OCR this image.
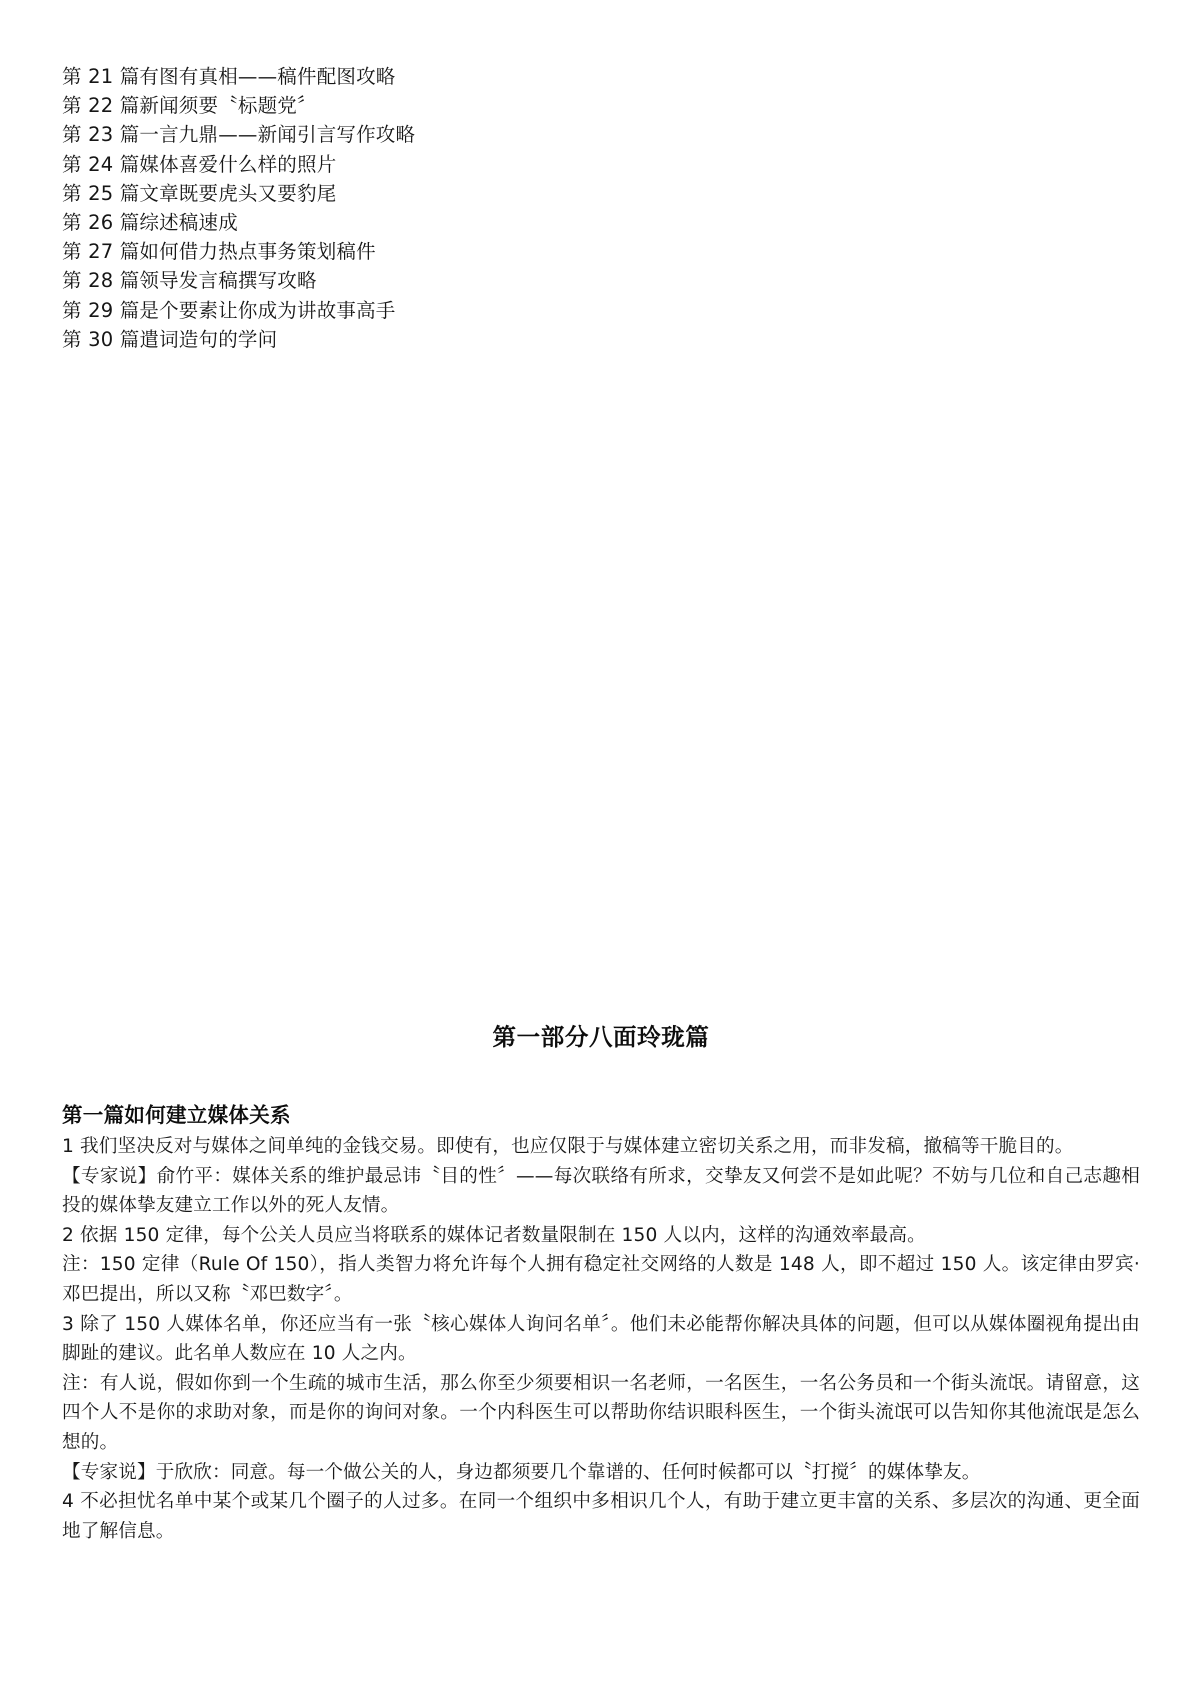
第 21 篇有图有真相——稿件配图攻略
第 22 篇新闻须要〝标题党〞
第 23 篇一言九鼎——新闻引言写作攻略
第 24 篇媒体喜爱什么样的照片
第 25 篇文章既要虎头又要豹尾
第 26 篇综述稿速成
第 27 篇如何借力热点事务策划稿件
第 28 篇领导发言稿撰写攻略
第 29 篇是个要素让你成为讲故事高手
第 30 篇遣词造句的学问
第一部分八面玲珑篇
第一篇如何建立媒体关系

1 我们坚决反对与媒体之间单纯的金钱交易。即使有，也应仅限于与媒体建立密切关系之用，而非发稿，撤稿等干脆目的。

【专家说】俞竹平：媒体关系的维护最忌讳〝目的性〞——每次联络有所求，交挚友又何尝不是如此呢？不妨与几位和自己志趣相投的媒体挚友建立工作以外的死人友情。

2 依据 150 定律，每个公关人员应当将联系的媒体记者数量限制在 150 人以内，这样的沟通效率最高。

注：150 定律（Rule Of 150），指人类智力将允许每个人拥有稳定社交网络的人数是 148 人，即不超过 150 人。该定律由罗宾·邓巴提出，所以又称〝邓巴数字〞。

3 除了 150 人媒体名单，你还应当有一张〝核心媒体人询问名单〞。他们未必能帮你解决具体的问题，但可以从媒体圈视角提出由脚趾的建议。此名单人数应在 10 人之内。

注：有人说，假如你到一个生疏的城市生活，那么你至少须要相识一名老师，一名医生，一名公务员和一个街头流氓。请留意，这四个人不是你的求助对象，而是你的询问对象。一个内科医生可以帮助你结识眼科医生，一个街头流氓可以告知你其他流氓是怎么想的。

【专家说】于欣欣：同意。每一个做公关的人，身边都须要几个靠谱的、任何时候都可以〝打搅〞的媒体挚友。

4 不必担忧名单中某个或某几个圈子的人过多。在同一个组织中多相识几个人，有助于建立更丰富的关系、多层次的沟通、更全面地了解信息。
